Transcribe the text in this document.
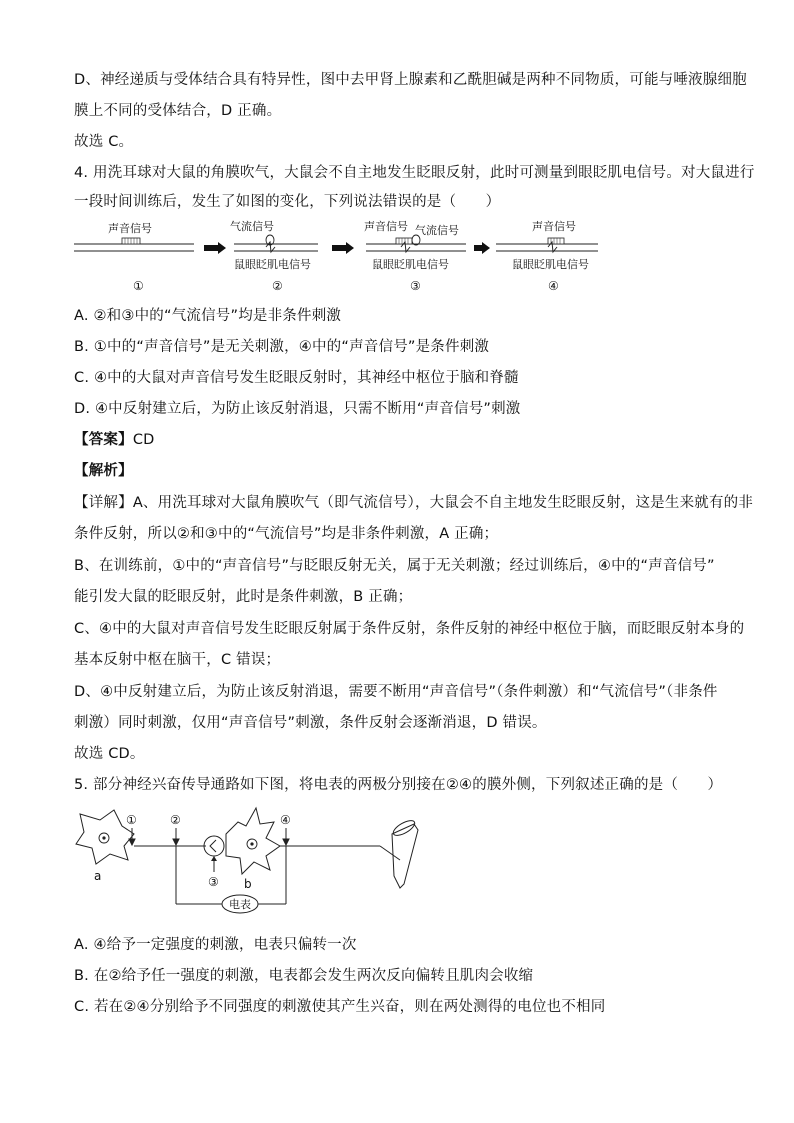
D、神经递质与受体结合具有特异性，图中去甲肾上腺素和乙酰胆碱是两种不同物质，可能与唾液腺细胞
膜上不同的受体结合，D 正确。
故选 C。
4. 用洗耳球对大鼠的角膜吹气，大鼠会不自主地发生眨眼反射，此时可测量到眼眨肌电信号。对大鼠进行
一段时间训练后，发生了如图的变化，下列说法错误的是（　　）
声音信号	气流信号
鼠眼眨肌电信号
声音信号 气流信号
鼠眼眨肌电信号
声音信号
鼠眼眨肌电信号
①	②	③	④
A. ②和③中的“气流信号”均是非条件刺激
B. ①中的“声音信号”是无关刺激，④中的“声音信号”是条件刺激
C. ④中的大鼠对声音信号发生眨眼反射时，其神经中枢位于脑和脊髓
D. ④中反射建立后，为防止该反射消退，只需不断用“声音信号”刺激
【答案】CD
【解析】
【详解】A、用洗耳球对大鼠角膜吹气（即气流信号），大鼠会不自主地发生眨眼反射，这是生来就有的非
条件反射，所以②和③中的“气流信号”均是非条件刺激，A 正确；
B、在训练前，①中的“声音信号”与眨眼反射无关，属于无关刺激；经过训练后，④中的“声音信号”
能引发大鼠的眨眼反射，此时是条件刺激，B 正确；
C、④中的大鼠对声音信号发生眨眼反射属于条件反射，条件反射的神经中枢位于脑，而眨眼反射本身的
基本反射中枢在脑干，C 错误；
D、④中反射建立后，为防止该反射消退，需要不断用“声音信号”（条件刺激）和“气流信号”（非条件
刺激）同时刺激，仅用“声音信号”刺激，条件反射会逐渐消退，D 错误。
故选 CD。
5. 部分神经兴奋传导通路如下图，将电表的两极分别接在②④的膜外侧，下列叙述正确的是（　　）
①	②
③
④
a
b
电表
A. ④给予一定强度的刺激，电表只偏转一次
B. 在②给予任一强度的刺激，电表都会发生两次反向偏转且肌肉会收缩
C. 若在②④分别给予不同强度的刺激使其产生兴奋，则在两处测得的电位也不相同
